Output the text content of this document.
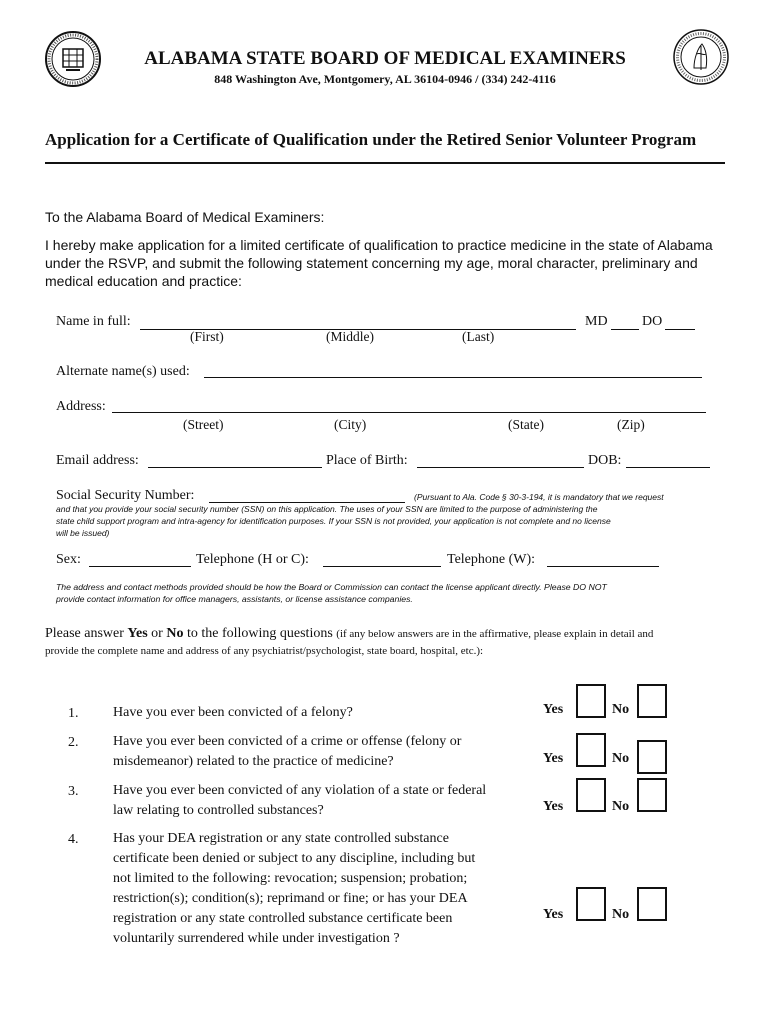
ALABAMA STATE BOARD OF MEDICAL EXAMINERS
848 Washington Ave, Montgomery, AL 36104-0946 / (334) 242-4116
Application for a Certificate of Qualification under the Retired Senior Volunteer Program
To the Alabama Board of Medical Examiners:
I hereby make application for a limited certificate of qualification to practice medicine in the state of Alabama
under the RSVP, and submit the following statement concerning my age, moral character, preliminary and
medical education and practice:
Name in full:	MD DO
(First)	(Middle)	(Last)
Alternate name(s) used:
Address:
(Street)	(City)	(State)	(Zip)
Email address:	Place of Birth:	DOB:
Social Security Number:	(Pursuant to Ala. Code § 30-3-194, it is mandatory that we request
and that you provide your social security number (SSN) on this application. The uses of your SSN are limited to the purpose of administering the
state child support program and intra-agency for identification purposes. If your SSN is not provided, your application is not complete and no license
will be issued)
Sex:	Telephone (H or C):	Telephone (W):
The address and contact methods provided should be how the Board or Commission can contact the license applicant directly. Please DO NOT
provide contact information for office managers, assistants, or license assistance companies.
Please answer Yes or No to the following questions (if any below answers are in the affirmative, please explain in detail and
provide the complete name and address of any psychiatrist/psychologist, state board, hospital, etc.):
1. Have you ever been convicted of a felony?	Yes	No
2. Have you ever been convicted of a crime or offense (felony or
misdemeanor) related to the practice of medicine?	Yes	No
3. Have you ever been convicted of any violation of a state or federal
law relating to controlled substances?	Yes	No
4. Has your DEA registration or any state controlled substance
certificate been denied or subject to any discipline, including but
not limited to the following: revocation; suspension; probation;
restriction(s); condition(s); reprimand or fine; or has your DEA
registration or any state controlled substance certificate been
voluntarily surrendered while under investigation ?
Yes	No
